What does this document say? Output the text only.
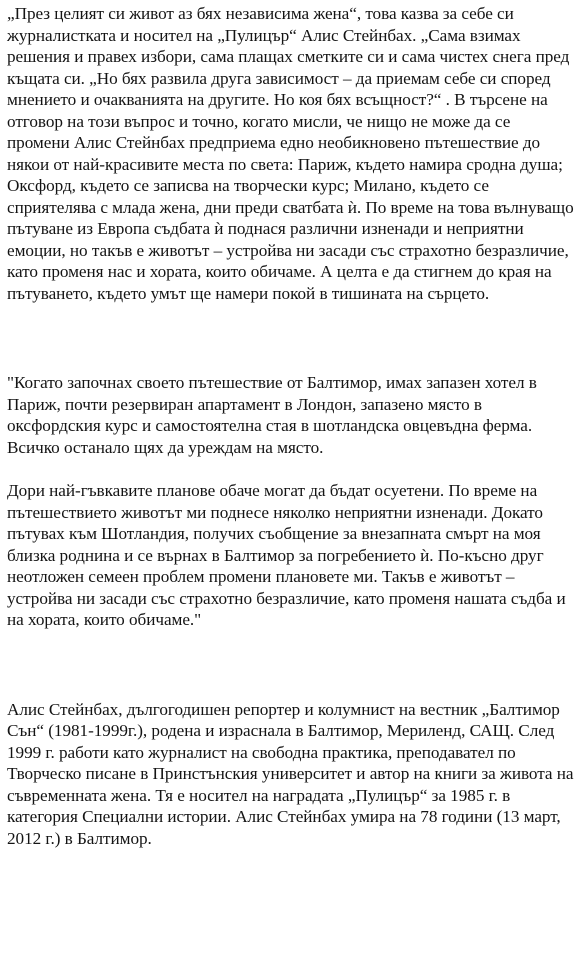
„През целият си живот аз бях независима жена“, това казва за себе си журналистката и носител на „Пулицър“ Алис Стейнбах. „Сама взимах решения и правех избори, сама плащах сметките си и сама чистех снега пред къщата си. „Но бях развила друга зависимост – да приемам себе си според мнението и очакванията на другите. Но коя бях всъщност?“ . В търсене на отговор на този въпрос и точно, когато мисли, че нищо не може да се промени Алис Стейнбах предприема едно необикновено пътешествие до някои от най-красивите места по света: Париж, където намира сродна душа; Оксфорд, където се записва на творчески курс; Милано, където се сприятелява с млада жена, дни преди сватбата ѝ. По време на това вълнуващо пътуване из Европа съдбата ѝ поднася различни изненади и неприятни емоции, но такъв е животът – устройва ни засади със страхотно безразличие, като променя нас и хората, които обичаме. А целта е да стигнем до края на пътуването, където умът ще намери покой в тишината на сърцето.

"Когато започнах своето пътешествие от Балтимор, имах запазен хотел в Париж, почти резервиран апартамент в Лондон, запазено място в оксфордския курс и самостоятелна стая в шотландска овцевъдна ферма. Всичко останало щях да уреждам на място.

Дори най-гъвкавите планове обаче могат да бъдат осуетени. По време на пътешествието животът ми поднесе няколко неприятни изненади. Докато пътувах към Шотландия, получих съобщение за внезапната смърт на моя близка роднина и се върнах в Балтимор за погребението ѝ. По-късно друг неотложен семеен проблем промени плановете ми. Такъв е животът – устройва ни засади със страхотно безразличие, като променя нашата съдба и на хората, които обичаме."

Алис Стейнбах, дългогодишен репортер и колумнист на вестник „Балтимор Сън“ (1981-1999г.), родена и израснала в Балтимор, Мериленд, САЩ. След 1999 г. работи като журналист на свободна практика, преподавател по Творческо писане в Принстънския университет и автор на книги за живота на съвременната жена. Тя е носител на наградата „Пулицър“ за 1985 г. в категория Специални истории. Алис Стейнбах умира на 78 години (13 март, 2012 г.) в Балтимор.
